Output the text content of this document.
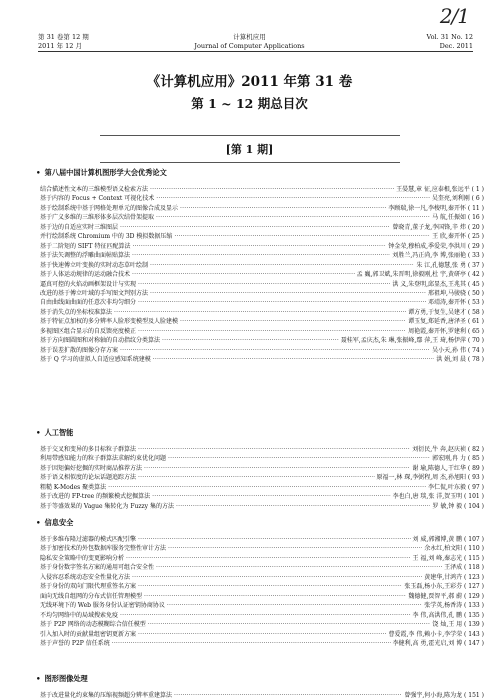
第 31 卷第 12 期
2011 年 12 月
计算机应用
Journal of Computer Applications
Vol. 31 No. 12
Dec. 2011
2/1
《计算机应用》2011 年第 31 卷
第 1 ~ 12 期总目次
[第 1 期]
• 第八届中国计算机图形学大会优秀论文
结合描述性文本的三维模型语义检索方法 ·····	王晏慧,章 征,应泰根,张远平 ( 1 )
基于内容的 Focus + Context 可视化技术 ·····	吴奎亮,刘利刚 ( 6 )
基于绘制系统中基于网格处理单元的图像合成及显示 ·····	李顾瑞,徐一凡,李梭明,秦开怀 ( 11 )
基于广义多维的三维形体多层次结骨架提取 ·····	马 航,任振如 ( 16 )
基于边的自适应实时三维图层 ·····	曾晓青,董子龙,李国锋,辛 炜 ( 20 )
并行绘制系统 Chromium 中的 3D 模拟数据压缩 ·····	王 欣,秦开怀 ( 25 )
基于二阶矩的 SIFT 特征匹配算法 ·····	钟金荣,穆柏成,季爱荣,李洪川 ( 29 )
基于法矢调整的浮雕曲面帖贴算法 ·····	刘胜兰,冯正尚,李 博,张丽艳 ( 33 )
基于快速傅立叶变换的实时动态草叶绘制 ·····	朱 江,孔德慧,张 勇 ( 37 )
基于人体运动规律的运动融合技术 ·····	孟 巍,郭卫斌,朱晋明,徐毅刚,杜 宇,黄研亭 ( 42 )
逼真可控的火焰动画框架设计与实现 ·····	洪 义,朱登明,邱显杰,王兆其 ( 45 )
改进的基于傅立叶域的手写图文判别方法 ·····	邢祖坤,马骏骁 ( 50 )
自由曲线面曲面的任意次非均匀细分 ·····	邓靖涛,秦开怀 ( 53 )
基于消失点的坐标校准算法 ·····	谭方勇,于复生,吴建才 ( 58 )
基于特征点加权的多分辨率人脸形变模型及人脸建模 ·····	谭玉复,郑延香,唐泽圣 ( 61 )
多视图区组合显示的自反馈亮度模正 ·····	周艳霞,秦开怀,罗建利 ( 65 )
基于方向图圆图和对称轴的自动指纹分类算法 ·····	聂桂军,孟庆杰,朱 琳,张振峰,鄢 萍,王 琦,杨伊萍 ( 70 )
基于误差扩散的图像分存方案 ·····	吴小天,孙 伟 ( 74 )
基于 Q 学习的虚拟人自适应感知系统建模 ·····	洪 娟,刘 晨 ( 78 )
• 人工智能
基于交叉和变异的多目标粒子群算法 ·····	刘衍民,牛 奔,赵庆祯 ( 82 )
利用带感知能力的粒子群算法求解约束优化问题 ·····	郭宏刚,冉 力 ( 85 )
基于因矩偏好挖掘的实时商品推荐方法 ·····	谢 瑜,陈德人,干红华 ( 89 )
基于语义相似度的论坛话题追踪方法 ·····	原福一,林 琛,李弼程,周 杰,孙旭阳 ( 93 )
粗糙 K-Modes 聚类算法 ·····	李仁侃,叶东毅 ( 97 )
基于改进的 FP-tree 的频繁模式挖掘算法 ·····	李也白,唐 琰,张 洋,贺玉明 ( 101 )
基于等盛效果的 Vague 集转化为 Fuzzy 集的方法 ·····	罗 敏,钟 毅 ( 104 )
• 信息安全
基于多维布隆过滤器的模式匹配引擎 ·····	刘 威,郭湘博,黄 鹏 ( 107 )
基于加密技术的外包数据库服务完整性审计方法 ·····	余永红,柏文阳 ( 110 )
隐私安全策略中的变更影响分析 ·····	王 福,刘 峰,秦志光 ( 115 )
基于身份数字签名方案的通用可组合安全性 ·····	王泽成 ( 118 )
入侵容忍系统动态安全性量化方法 ·····	黄建华,甘鸿卉 ( 123 )
基于身份的双向门限代理重签名方案 ·····	张玉磊,杨小东,王彩芬 ( 127 )
面向无线自组网的分布式信任管理模型 ·····	魏德健,贾智平,郝 蔚 ( 129 )
无线环境下的 Web 服务身份认证密钥协商协议 ·····	张学英,杨香涛 ( 133 )
不均匀网络中的局域搜索免疫 ·····	李 伟,高洪伟,孔 鹏 ( 135 )
基于 P2P 网络的动态模糊综合信任模型 ·····	饶 灿,王 用 ( 139 )
引入加入时的贡献量组密钥更新方案 ·····	曹爱霞,李 伟,赖小卡,李学荣 ( 143 )
基于声誉的 P2P 信任系统 ·····	李健利,高 勇,霍光启,刘 博 ( 147 )
• 图形图像处理
基于改进量化约束集的压缩视频超分辨率重建算法 ·····	曾强宇,何小海,陈为龙 ( 151 )
